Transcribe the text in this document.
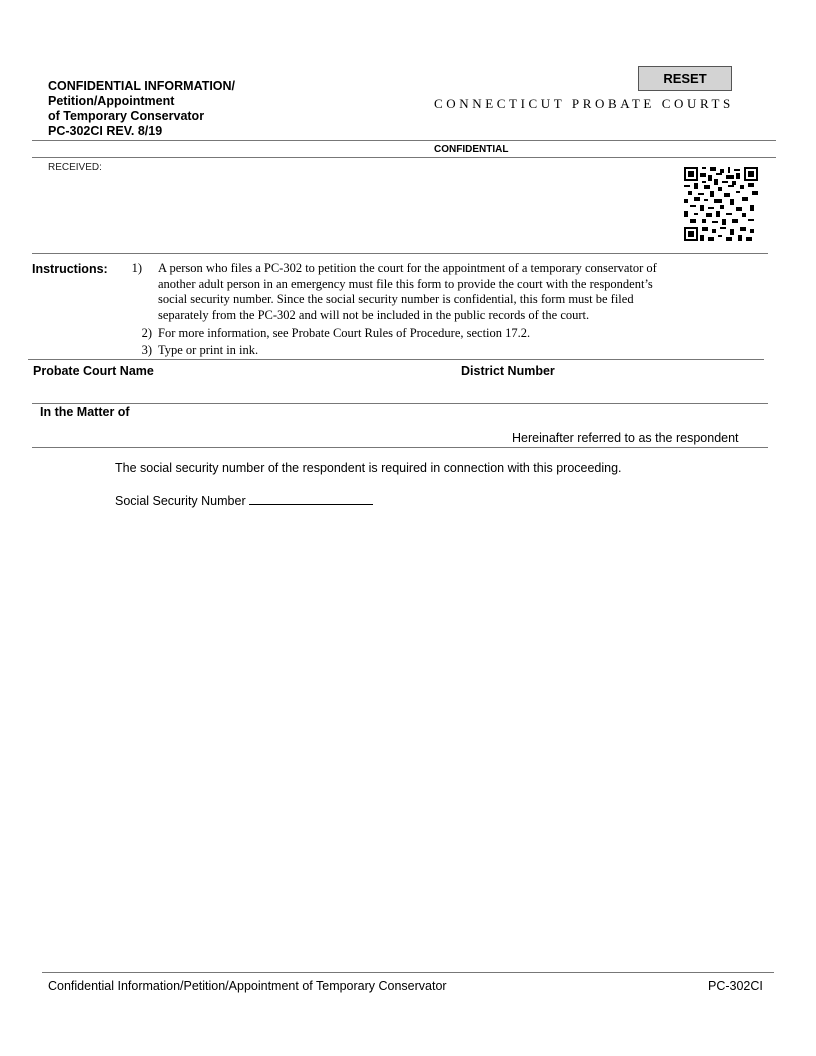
CONFIDENTIAL INFORMATION/
Petition/Appointment
of Temporary Conservator
PC-302CI REV. 8/19
RESET
CONNECTICUT PROBATE COURTS
CONFIDENTIAL
RECEIVED:
Instructions:	1) A person who files a PC-302 to petition the court for the appointment of a temporary conservator of
another adult person in an emergency must file this form to provide the court with the respondent’s
social security number. Since the social security number is confidential, this form must be filed
separately from the PC-302 and will not be included in the public records of the court.
2) For more information, see Probate Court Rules of Procedure, section 17.2.
3) Type or print in ink.
Probate Court Name	District Number
In the Matter of
Hereinafter referred to as the respondent
The social security number of the respondent is required in connection with this proceeding.
Social Security Number
Confidential Information/Petition/Appointment of Temporary Conservator	PC-302CI
